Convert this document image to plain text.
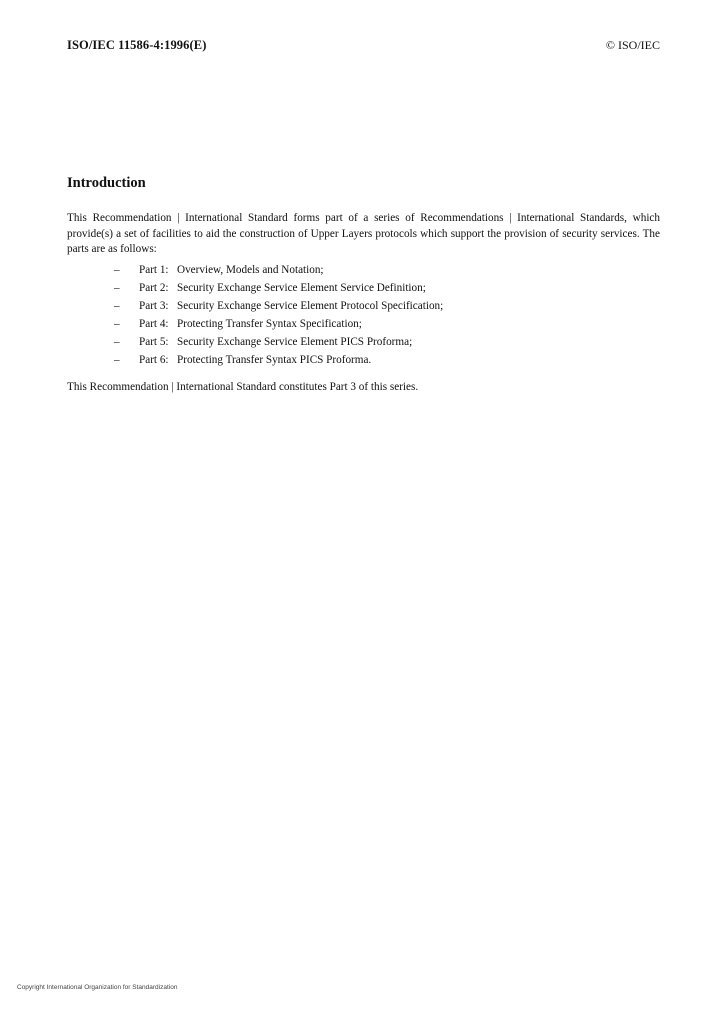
ISO/IEC 11586-4:1996(E)	© ISO/IEC
Introduction

This Recommendation | International Standard forms part of a series of Recommendations | International Standards, which provide(s) a set of facilities to aid the construction of Upper Layers protocols which support the provision of security services. The parts are as follows:

– Part 1: Overview, Models and Notation;
– Part 2: Security Exchange Service Element Service Definition;
– Part 3: Security Exchange Service Element Protocol Specification;
– Part 4: Protecting Transfer Syntax Specification;
– Part 5: Security Exchange Service Element PICS Proforma;
– Part 6: Protecting Transfer Syntax PICS Proforma.

This Recommendation | International Standard constitutes Part 3 of this series.

Copyright International Organization for Standardization
